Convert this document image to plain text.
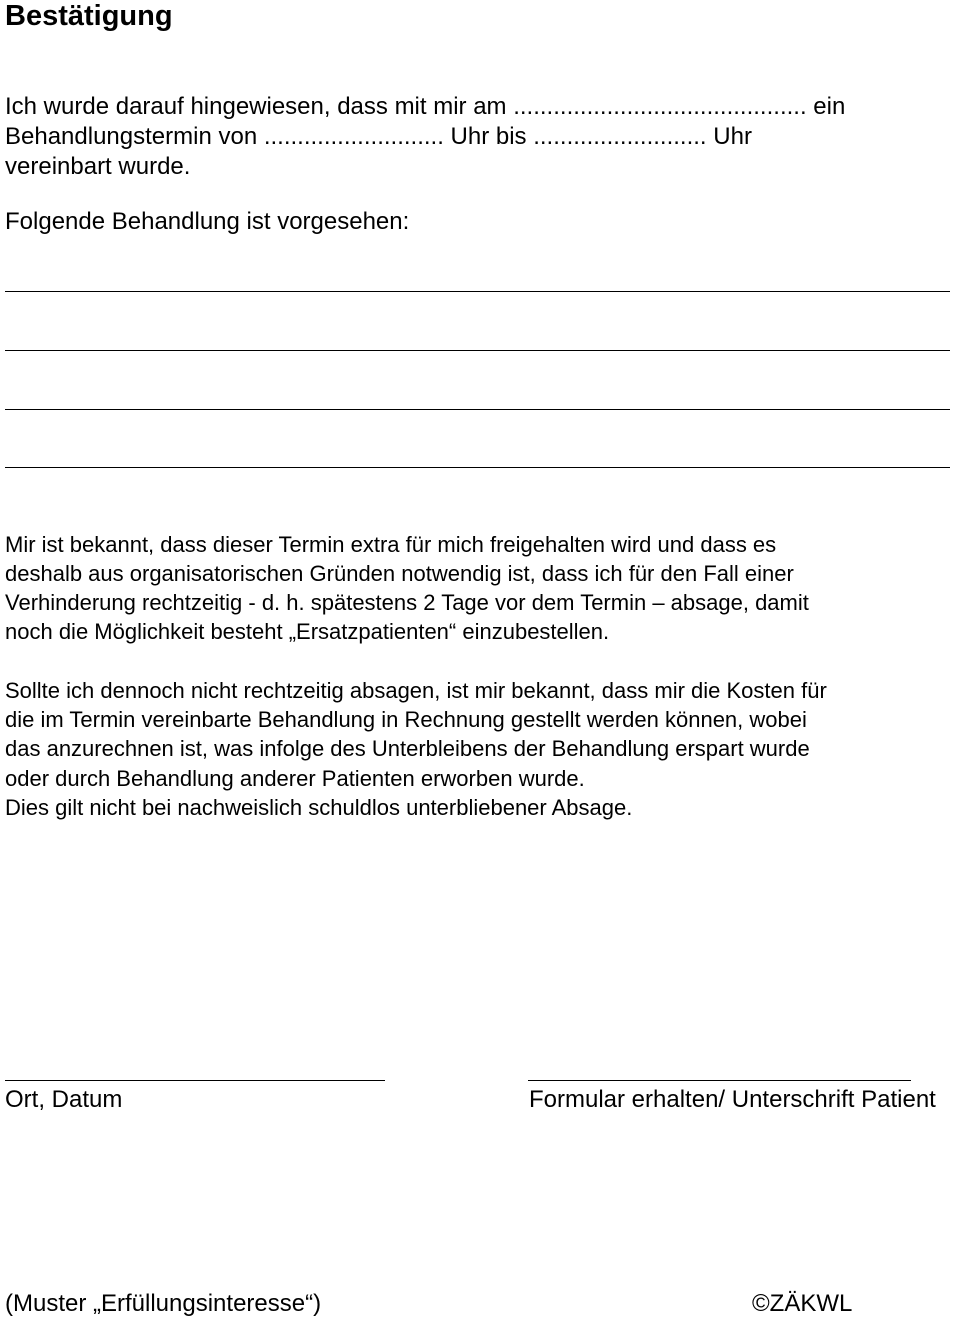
Bestätigung
Ich wurde darauf hingewiesen, dass mit mir am ............................................ ein
Behandlungstermin von ........................... Uhr bis .......................... Uhr
vereinbart wurde.
Folgende Behandlung ist vorgesehen:
Mir ist bekannt, dass dieser Termin extra für mich freigehalten wird und dass es
deshalb aus organisatorischen Gründen notwendig ist, dass ich für den Fall einer
Verhinderung rechtzeitig - d. h. spätestens 2 Tage vor dem Termin – absage, damit
noch die Möglichkeit besteht „Ersatzpatienten“ einzubestellen.
Sollte ich dennoch nicht rechtzeitig absagen, ist mir bekannt, dass mir die Kosten für
die im Termin vereinbarte Behandlung in Rechnung gestellt werden können, wobei
das anzurechnen ist, was infolge des Unterbleibens der Behandlung erspart wurde
oder durch Behandlung anderer Patienten erworben wurde.
Dies gilt nicht bei nachweislich schuldlos unterbliebener Absage.
Ort, Datum	Formular erhalten/ Unterschrift Patient
(Muster „Erfüllungsinteresse“)	©ZÄKWL
